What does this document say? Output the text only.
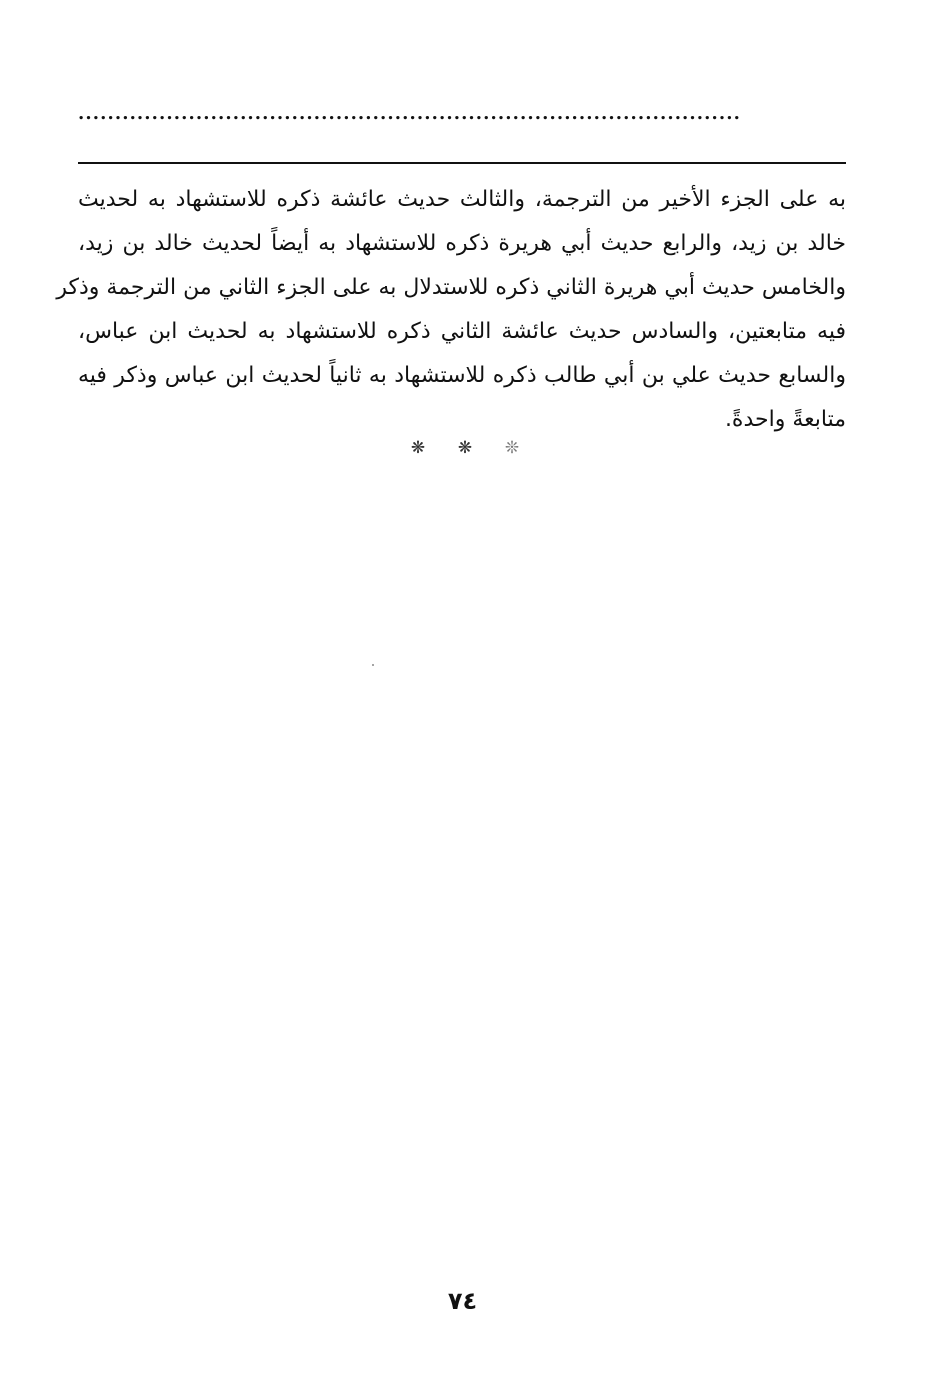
..........................................................................................
به على الجزء الأخير من الترجمة، والثالث حديث عائشة ذكره للاستشهاد به لحديث
خالد بن زيد، والرابع حديث أبي هريرة ذكره للاستشهاد به أيضاً لحديث خالد بن زيد،
والخامس حديث أبي هريرة الثاني ذكره للاستدلال به على الجزء الثاني من الترجمة وذكر
فيه متابعتين، والسادس حديث عائشة الثاني ذكره للاستشهاد به لحديث ابن عباس،
والسابع حديث علي بن أبي طالب ذكره للاستشهاد به ثانياً لحديث ابن عباس وذكر فيه
متابعةً واحدةً.
❋	❋	❊
٧٤
